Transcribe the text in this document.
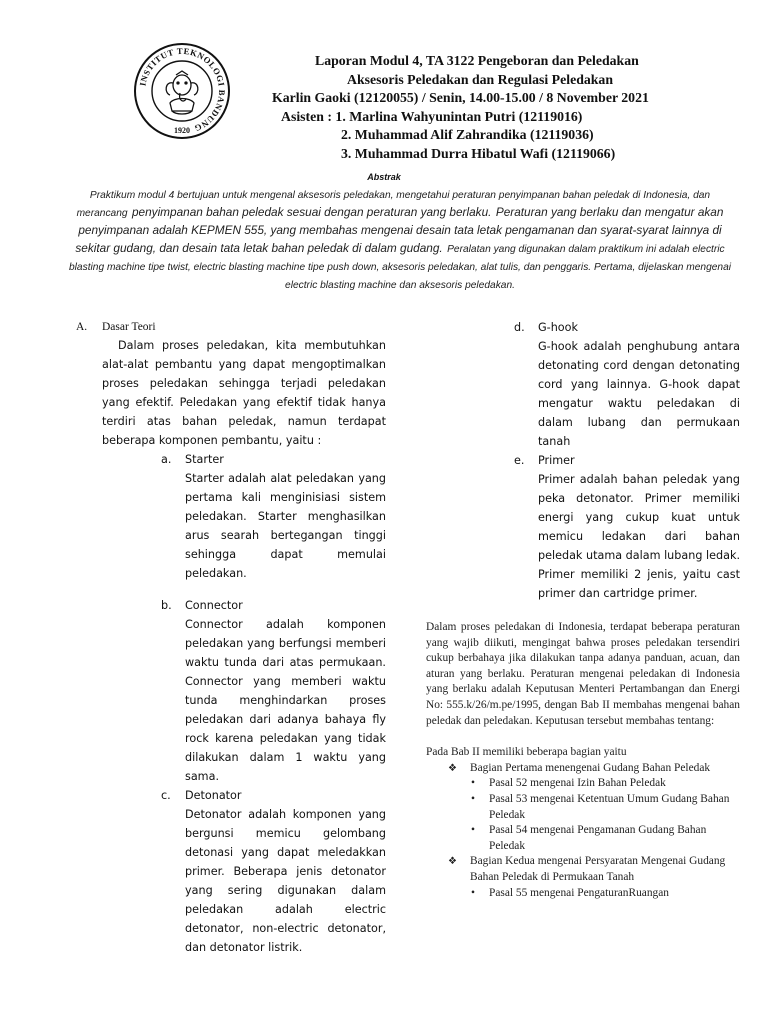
INSTITUT TEKNOLOGI BANDUNG
1920
Laporan Modul 4, TA 3122 Pengeboran dan Peledakan
Aksesoris Peledakan dan Regulasi Peledakan
Karlin Gaoki (12120055) / Senin, 14.00-15.00 / 8 November 2021
Asisten : 1. Marlina Wahyunintan Putri (12119016)
2. Muhammad Alif Zahrandika (12119036)
3. Muhammad Durra Hibatul Wafi (12119066)
Abstrak
Praktikum modul 4 bertujuan untuk mengenal aksesoris peledakan, mengetahui peraturan penyimpanan bahan peledak di Indonesia, dan merancang penyimpanan bahan peledak sesuai dengan peraturan yang berlaku. Peraturan yang berlaku dan mengatur akan penyimpanan adalah KEPMEN 555, yang membahas mengenai desain tata letak pengamanan dan syarat-syarat lainnya di sekitar gudang, dan desain tata letak bahan peledak di dalam gudang. Peralatan yang digunakan dalam praktikum ini adalah electric blasting machine tipe twist, electric blasting machine tipe push down, aksesoris peledakan, alat tulis, dan penggaris. Pertama, dijelaskan mengenai electric blasting machine dan aksesoris peledakan.
A. Dasar Teori
Dalam proses peledakan, kita membutuhkan alat-alat pembantu yang dapat mengoptimalkan proses peledakan sehingga terjadi peledakan yang efektif. Peledakan yang efektif tidak hanya terdiri atas bahan peledak, namun terdapat beberapa komponen pembantu, yaitu :
a. Starter
Starter adalah alat peledakan yang pertama kali menginisiasi sistem peledakan. Starter menghasilkan arus searah bertegangan tinggi sehingga dapat memulai peledakan.
b. Connector
Connector adalah komponen peledakan yang berfungsi memberi waktu tunda dari atas permukaan. Connector yang memberi waktu tunda menghindarkan proses peledakan dari adanya bahaya fly rock karena peledakan yang tidak dilakukan dalam 1 waktu yang sama.
c. Detonator
Detonator adalah komponen yang bergunsi memicu gelombang detonasi yang dapat meledakkan primer. Beberapa jenis detonator yang sering digunakan dalam peledakan adalah electric detonator, non-electric detonator, dan detonator listrik.
d. G-hook
G-hook adalah penghubung antara detonating cord dengan detonating cord yang lainnya. G-hook dapat mengatur waktu peledakan di dalam lubang dan permukaan tanah
e. Primer
Primer adalah bahan peledak yang peka detonator. Primer memiliki energi yang cukup kuat untuk memicu ledakan dari bahan peledak utama dalam lubang ledak. Primer memiliki 2 jenis, yaitu cast primer dan cartridge primer.
Dalam proses peledakan di Indonesia, terdapat beberapa peraturan yang wajib diikuti, mengingat bahwa proses peledakan tersendiri cukup berbahaya jika dilakukan tanpa adanya panduan, acuan, dan aturan yang berlaku. Peraturan mengenai peledakan di Indonesia yang berlaku adalah Keputusan Menteri Pertambangan dan Energi No: 555.k/26/m.pe/1995, dengan Bab II membahas mengenai bahan peledak dan peledakan. Keputusan tersebut membahas tentang:
Pada Bab II memiliki beberapa bagian yaitu
❖ Bagian Pertama menengenai Gudang Bahan Peledak
• Pasal 52 mengenai Izin Bahan Peledak
• Pasal 53 mengenai Ketentuan Umum Gudang Bahan Peledak
• Pasal 54 mengenai Pengamanan Gudang Bahan Peledak
❖ Bagian Kedua mengenai Persyaratan Mengenai Gudang Bahan Peledak di Permukaan Tanah
• Pasal 55 mengenai PengaturanRuangan
